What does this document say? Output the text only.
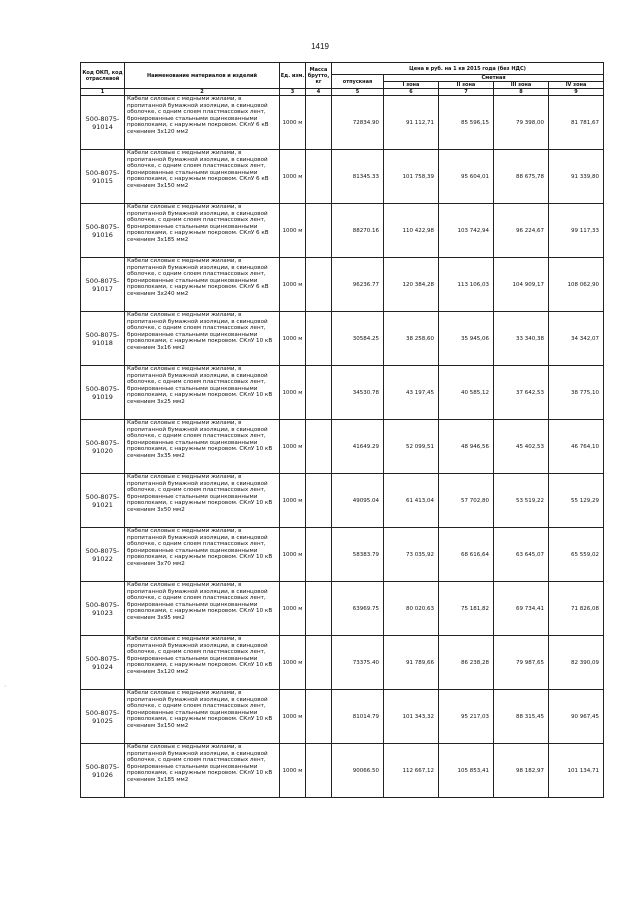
1419
·
Код ОКП, код отраслевой	Наименование материалов и изделий	Ед. изм.	Масса брутто, кг	Цена в руб. на 1 кв 2015 года (без НДС)				
				отпускная	Сметная			
					I зона	II зона	III зона	IV зона
1	2	3	4	5	6	7	8	9

500-8075-
91014	Кабели силовые с медными жилами, в пропитанной бумажной изоляции, в свинцовой оболочке, с одним слоем пластмассовых лент, бронированные стальными оцинкованными проволоками, с наружным покровом. СКлУ 6 кВ сечением 3х120 мм2	1000 м		72834.90	91 112,71	85 596,15	79 398,00	81 781,67

500-8075-
91015	Кабели силовые с медными жилами, в пропитанной бумажной изоляции, в свинцовой оболочке, с одним слоем пластмассовых лент, бронированные стальными оцинкованными проволоками, с наружным покровом. СКлУ 6 кВ сечением 3х150 мм2	1000 м		81345.33	101 758,39	95 604,01	88 675,78	91 339,80

500-8075-
91016	Кабели силовые с медными жилами, в пропитанной бумажной изоляции, в свинцовой оболочке, с одним слоем пластмассовых лент, бронированные стальными оцинкованными проволоками, с наружным покровом. СКлУ 6 кВ сечением 3х185 мм2	1000 м		88270.16	110 422,98	103 742,94	96 224,67	99 117,33

500-8075-
91017	Кабели силовые с медными жилами, в пропитанной бумажной изоляции, в свинцовой оболочке, с одним слоем пластмассовых лент, бронированные стальными оцинкованными проволоками, с наружным покровом. СКлУ 6 кВ сечением 3х240 мм2	1000 м		96236.77	120 384,28	113 106,03	104 909,17	108 062,90

500-8075-
91018	Кабели силовые с медными жилами, в пропитанной бумажной изоляции, в свинцовой оболочке, с одним слоем пластмассовых лент, бронированные стальными оцинкованными проволоками, с наружным покровом. СКлУ 10 кВ сечением 3х16 мм2	1000 м		30584.25	38 258,60	35 945,06	33 340,38	34 342,07

500-8075-
91019	Кабели силовые с медными жилами, в пропитанной бумажной изоляции, в свинцовой оболочке, с одним слоем пластмассовых лент, бронированные стальными оцинкованными проволоками, с наружным покровом. СКлУ 10 кВ сечением 3х25 мм2	1000 м		34530.78	43 197,45	40 585,12	37 642,53	38 775,10

500-8075-
91020	Кабели силовые с медными жилами, в пропитанной бумажной изоляции, в свинцовой оболочке, с одним слоем пластмассовых лент, бронированные стальными оцинкованными проволоками, с наружным покровом. СКлУ 10 кВ сечением 3х35 мм2	1000 м		41649.29	52 099,51	48 946,56	45 402,53	46 764,10

500-8075-
91021	Кабели силовые с медными жилами, в пропитанной бумажной изоляции, в свинцовой оболочке, с одним слоем пластмассовых лент, бронированные стальными оцинкованными проволоками, с наружным покровом. СКлУ 10 кВ сечением 3х50 мм2	1000 м		49095.04	61 413,04	57 702,80	53 519,22	55 129,29

500-8075-
91022	Кабели силовые с медными жилами, в пропитанной бумажной изоляции, в свинцовой оболочке, с одним слоем пластмассовых лент, бронированные стальными оцинкованными проволоками, с наружным покровом. СКлУ 10 кВ сечением 3х70 мм2	1000 м		58383.79	73 035,92	68 616,64	63 645,07	65 559,02

500-8075-
91023	Кабели силовые с медными жилами, в пропитанной бумажной изоляции, в свинцовой оболочке, с одним слоем пластмассовых лент, бронированные стальными оцинкованными проволоками, с наружным покровом. СКлУ 10 кВ сечением 3х95 мм2	1000 м		63969.75	80 020,63	75 181,82	69 734,41	71 826,08

500-8075-
91024	Кабели силовые с медными жилами, в пропитанной бумажной изоляции, в свинцовой оболочке, с одним слоем пластмассовых лент, бронированные стальными оцинкованными проволоками, с наружным покровом. СКлУ 10 кВ сечением 3х120 мм2	1000 м		73375.40	91 789,66	86 238,28	79 987,65	82 390,09

500-8075-
91025	Кабели силовые с медными жилами, в пропитанной бумажной изоляции, в свинцовой оболочке, с одним слоем пластмассовых лент, бронированные стальными оцинкованными проволоками, с наружным покровом. СКлУ 10 кВ сечением 3х150 мм2	1000 м		81014.79	101 343,32	95 217,03	88 315,45	90 967,45

500-8075-
91026	Кабели силовые с медными жилами, в пропитанной бумажной изоляции, в свинцовой оболочке, с одним слоем пластмассовых лент, бронированные стальными оцинкованными проволоками, с наружным покровом. СКлУ 10 кВ сечением 3х185 мм2	1000 м		90066.50	112 667,12	105 853,41	98 182,97	101 134,71
